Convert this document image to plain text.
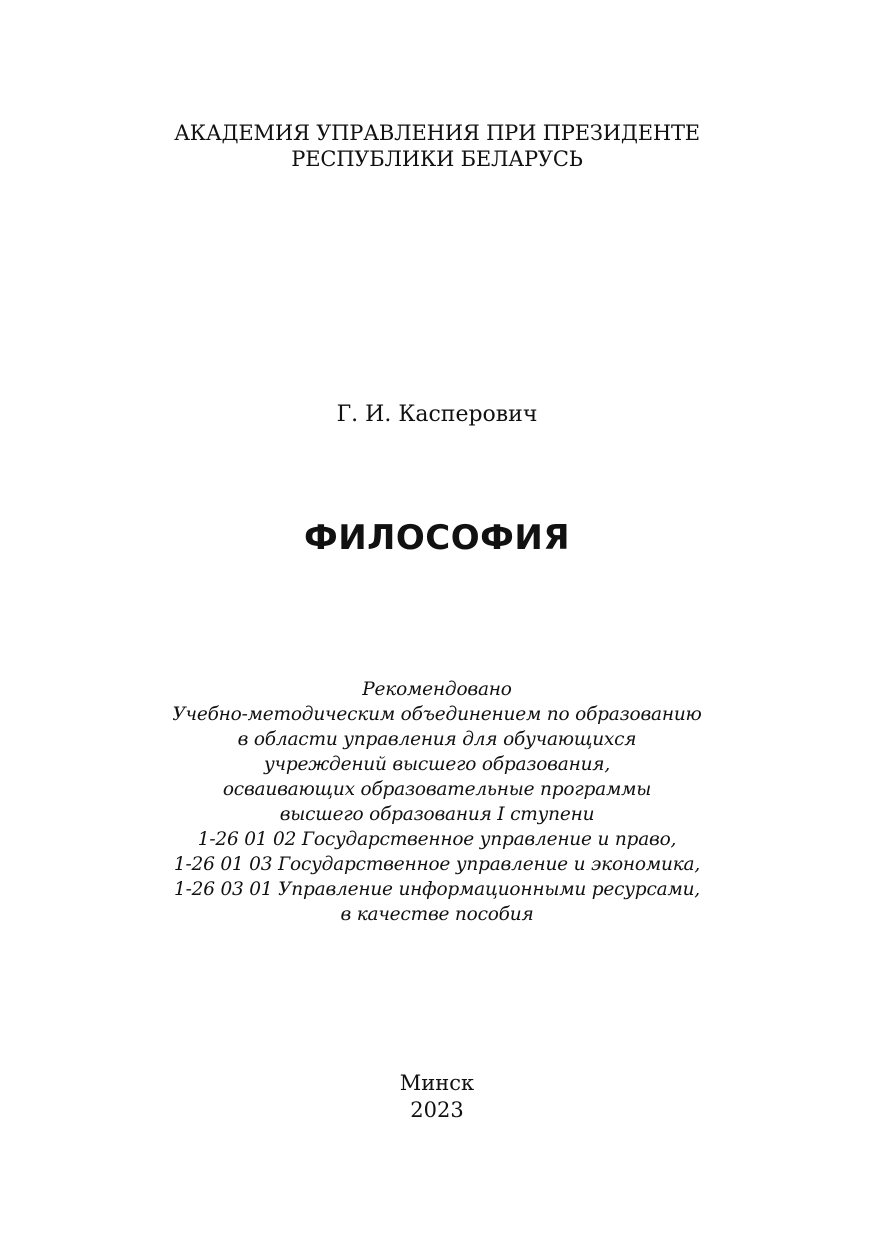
АКАДЕМИЯ УПРАВЛЕНИЯ ПРИ ПРЕЗИДЕНТЕ
РЕСПУБЛИКИ БЕЛАРУСЬ
Г. И. Касперович
ФИЛОСОФИЯ
Рекомендовано
Учебно-методическим объединением по образованию
в области управления для обучающихся
учреждений высшего образования,
осваивающих образовательные программы
высшего образования I ступени
1-26 01 02 Государственное управление и право,
1-26 01 03 Государственное управление и экономика,
1-26 03 01 Управление информационными ресурсами,
в качестве пособия
Минск
2023
